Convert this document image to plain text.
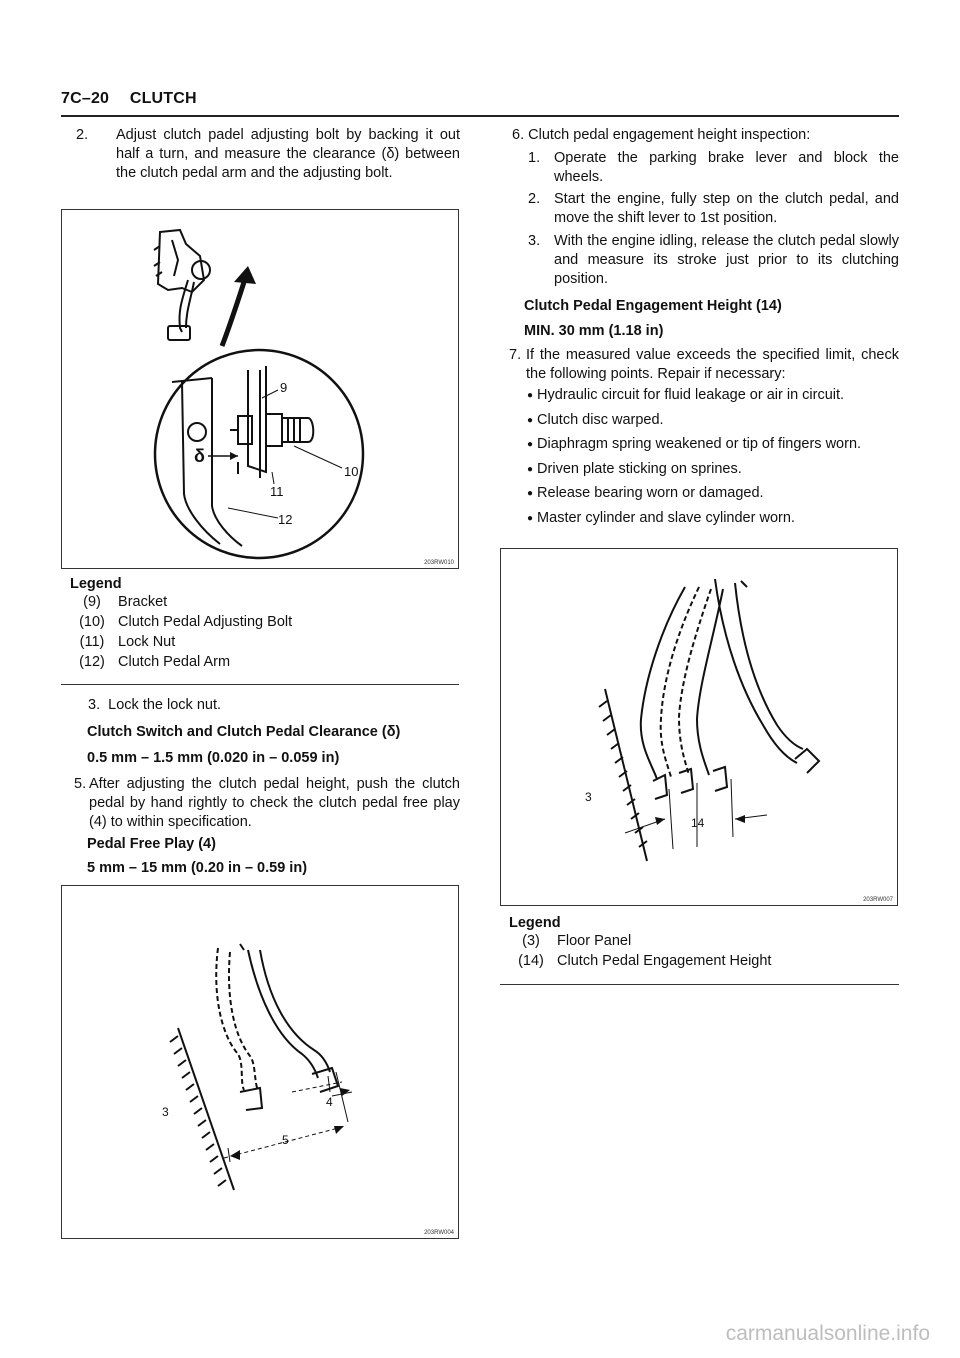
7C–20 CLUTCH
2. Adjust clutch padel adjusting bolt by backing it out half a turn, and measure the clearance (δ) between the clutch pedal arm and the adjusting bolt.
9
10
11
12
δ
203RW010
Legend
(9) Bracket
(10) Clutch Pedal Adjusting Bolt
(11) Lock Nut
(12) Clutch Pedal Arm
3. Lock the lock nut.
Clutch Switch and Clutch Pedal Clearance (δ)
0.5 mm – 1.5 mm (0.020 in – 0.059 in)
5. After adjusting the clutch pedal height, push the clutch pedal by hand rightly to check the clutch pedal free play (4) to within specification.
Pedal Free Play (4)
5 mm – 15 mm (0.20 in – 0.59 in)
3
4
5
203RW004
6. Clutch pedal engagement height inspection:
1. Operate the parking brake lever and block the wheels.
2. Start the engine, fully step on the clutch pedal, and move the shift lever to 1st position.
3. With the engine idling, release the clutch pedal slowly and measure its stroke just prior to its clutching position.
Clutch Pedal Engagement Height (14)
MIN. 30 mm (1.18 in)
7. If the measured value exceeds the specified limit, check the following points. Repair if necessary:
● Hydraulic circuit for fluid leakage or air in circuit.
● Clutch disc warped.
● Diaphragm spring weakened or tip of fingers worn.
● Driven plate sticking on sprines.
● Release bearing worn or damaged.
● Master cylinder and slave cylinder worn.
3
14
203RW007
Legend
(3) Floor Panel
(14) Clutch Pedal Engagement Height
carmanualsonline.info
